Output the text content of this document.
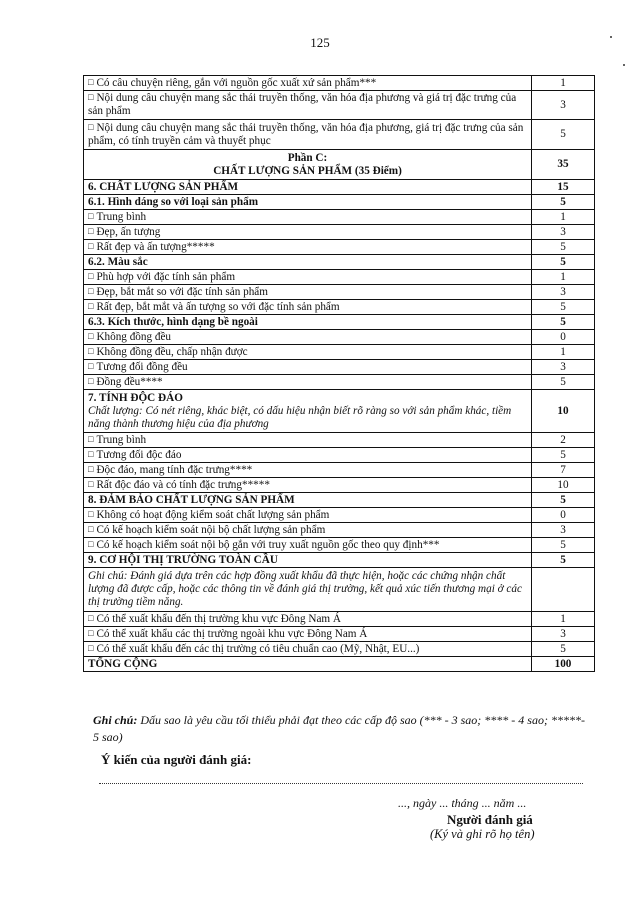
125
□ Có câu chuyện riêng, gắn với nguồn gốc xuất xứ sản phẩm***	1
□ Nội dung câu chuyện mang sắc thái truyền thống, văn hóa địa phương và giá trị đặc trưng của sản phẩm	3
□ Nội dung câu chuyện mang sắc thái truyền thống, văn hóa địa phương, giá trị đặc trưng của sản phẩm, có tính truyền cảm và thuyết phục	5
Phần C:
CHẤT LƯỢNG SẢN PHẨM (35 Điểm)	35
6. CHẤT LƯỢNG SẢN PHẨM	15
6.1. Hình dáng so với loại sản phẩm	5
□ Trung bình	1
□ Đẹp, ấn tượng	3
□ Rất đẹp và ấn tượng*****	5
6.2. Màu sắc	5
□ Phù hợp với đặc tính sản phẩm	1
□ Đẹp, bắt mắt so với đặc tính sản phẩm	3
□ Rất đẹp, bắt mắt và ấn tượng so với đặc tính sản phẩm	5
6.3. Kích thước, hình dạng bề ngoài	5
□ Không đồng đều	0
□ Không đồng đều, chấp nhận được	1
□ Tương đối đồng đều	3
□ Đồng đều****	5
7. TÍNH ĐỘC ĐÁO
Chất lượng: Có nét riêng, khác biệt, có dấu hiệu nhận biết rõ ràng so với sản phẩm khác, tiềm năng thành thương hiệu của địa phương	10
□ Trung bình	2
□ Tương đối độc đáo	5
□ Độc đáo, mang tính đặc trưng****	7
□ Rất độc đáo và có tính đặc trưng*****	10
8. ĐẢM BẢO CHẤT LƯỢNG SẢN PHẨM	5
□ Không có hoạt động kiểm soát chất lượng sản phẩm	0
□ Có kế hoạch kiểm soát nội bộ chất lượng sản phẩm	3
□ Có kế hoạch kiểm soát nội bộ gắn với truy xuất nguồn gốc theo quy định***	5
9. CƠ HỘI THỊ TRƯỜNG TOÀN CẦU	5

Ghi chú: Đánh giá dựa trên các hợp đồng xuất khẩu đã thực hiện, hoặc các chứng nhận chất lượng đã được cấp, hoặc các thông tin về đánh giá thị trường, kết quả xúc tiến thương mại ở các thị trường tiềm năng.	

□ Có thể xuất khẩu đến thị trường khu vực Đông Nam Á	1
□ Có thể xuất khẩu các thị trường ngoài khu vực Đông Nam Á	3
□ Có thể xuất khẩu đến các thị trường có tiêu chuẩn cao (Mỹ, Nhật, EU...)	5
TỔNG CỘNG	100
Ghi chú: Dấu sao là yêu cầu tối thiểu phải đạt theo các cấp độ sao (*** - 3 sao; **** - 4 sao; *****- 5 sao)
Ý kiến của người đánh giá:
..., ngày ... tháng ... năm ...
Người đánh giá
(Ký và ghi rõ họ tên)
